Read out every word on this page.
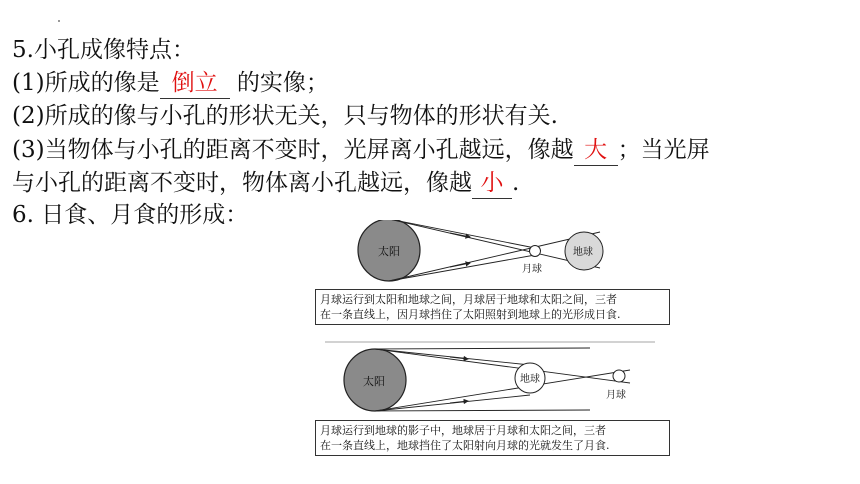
5.小孔成像特点：
(1)所成的像是 倒立 的实像；
(2)所成的像与小孔的形状无关，只与物体的形状有关.
(3)当物体与小孔的距离不变时，光屏离小孔越远，像越 大 ；当光屏
与小孔的距离不变时，物体离小孔越远，像越 小 .
6. 日食、月食的形成：
太阳
月球
地球
太阳	地球
月球
月球运行到太阳和地球之间，月球居于地球和太阳之间，三者
在一条直线上，因月球挡住了太阳照射到地球上的光形成日食.
月球运行到地球的影子中，地球居于月球和太阳之间，三者
在一条直线上，地球挡住了太阳射向月球的光就发生了月食.
